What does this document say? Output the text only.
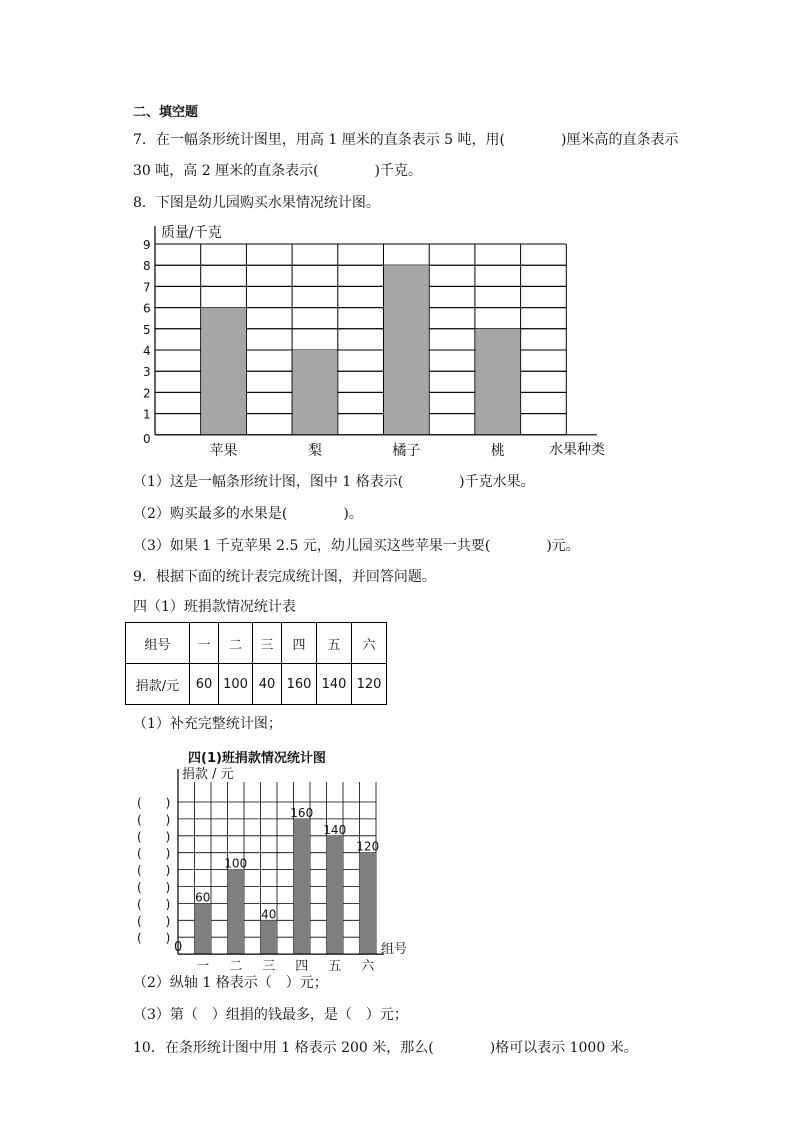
二、填空题
7．在一幅条形统计图里，用高 1 厘米的直条表示 5 吨，用(　　　　)厘米高的直条表示
30 吨，高 2 厘米的直条表示(　　　　)千克。
8．下图是幼儿园购买水果情况统计图。
0
1
2
3
4
5
6
7
8
9
苹果	梨	橘子	桃
质量/千克
水果种类
（1）这是一幅条形统计图，图中 1 格表示(　　　　)千克水果。
（2）购买最多的水果是(　　　　)。
（3）如果 1 千克苹果 2.5 元，幼儿园买这些苹果一共要(　　　　)元。
9．根据下面的统计表完成统计图，并回答问题。
四（1）班捐款情况统计表
组号	一	二	三	四	五	六
捐款/元	60	100	40	160	140	120
（1）补充完整统计图；
四(1)班捐款情况统计图
捐款 / 元
60
100
40
160
140
120
(　　)
(　　)
(　　)
(　　)
(　　)
(　　)
(　　)
(　　)
(　　)
一 二 三 四 五 六
0	组号
（2）纵轴 1 格表示（　）元；
（3）第（　）组捐的钱最多，是（　）元；
10．在条形统计图中用 1 格表示 200 米，那么(　　　　)格可以表示 1000 米。
